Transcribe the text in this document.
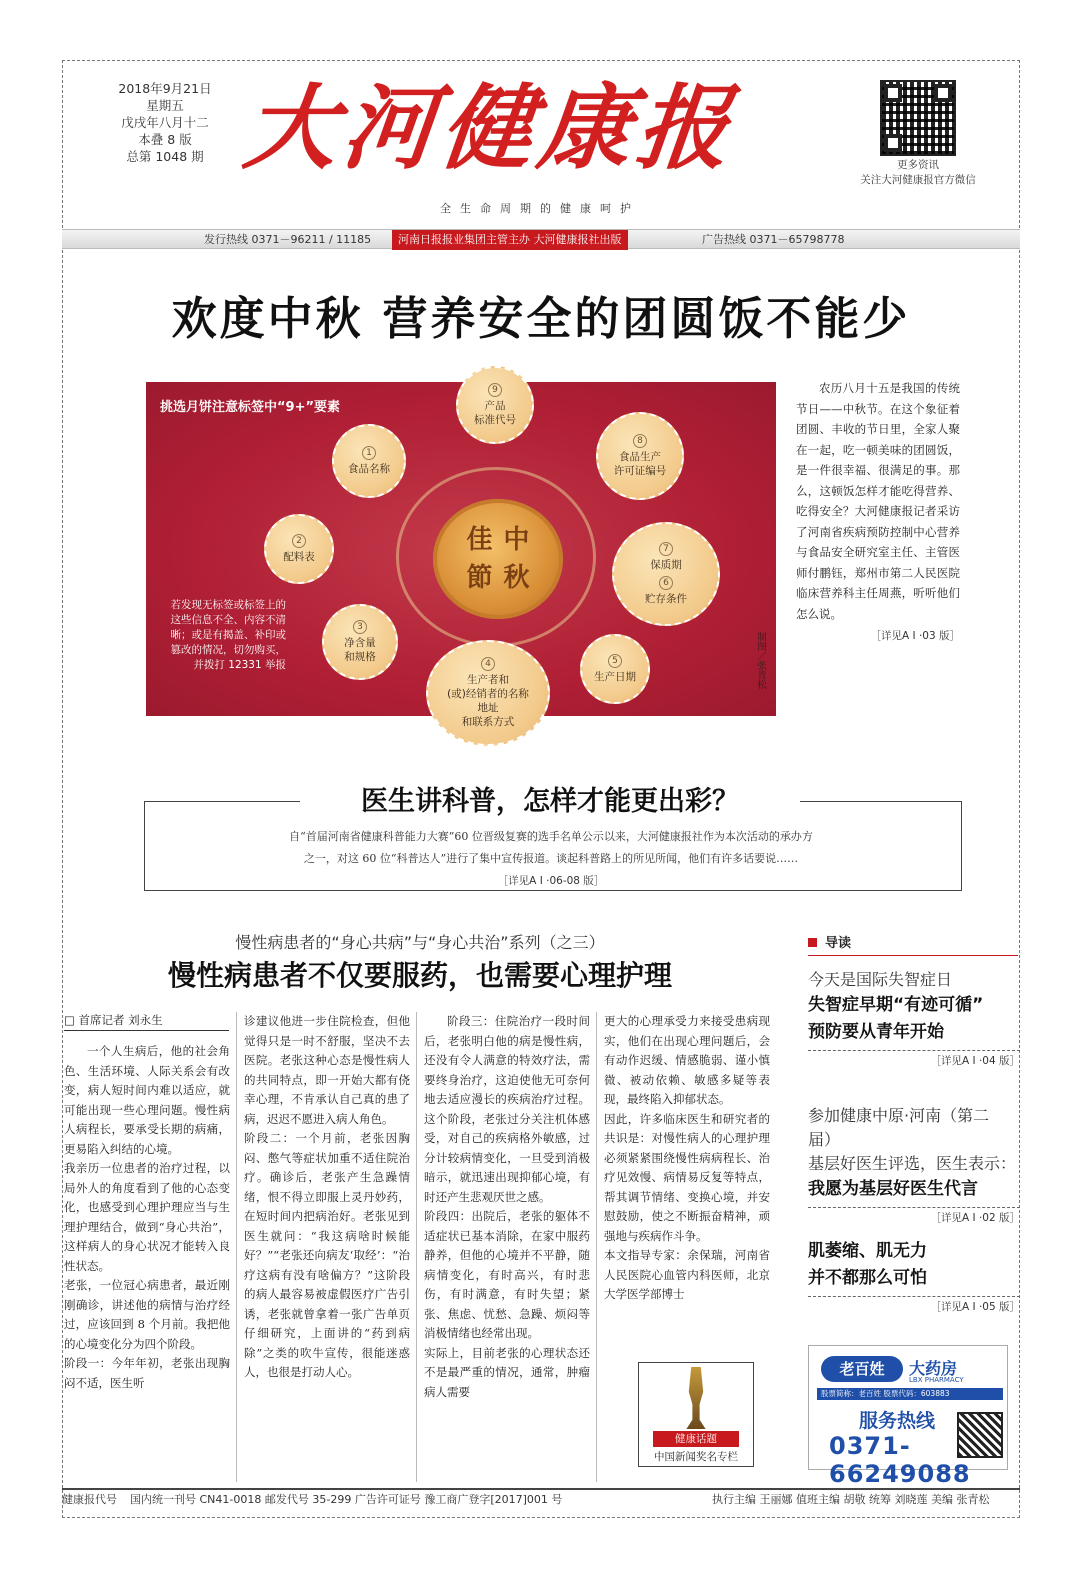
2018年9月21日
星期五
戊戌年八月十二
本叠 8 版
总第 1048 期 大河健康报
全生命周期的健康呵护
更多资讯
关注大河健康报官方微信
发行热线 0371－96211 / 11185	河南日报报业集团主管主办 大河健康报社出版	广告热线 0371－65798778
欢度中秋 营养安全的团圆饭不能少
挑选月饼注意标签中“9+”要素
佳 中
節 秋
1
食品名称
2
配料表
3
净含量
和规格
4
生产者和
(或)经销者的名称
地址
和联系方式
5
生产日期
7
保质期
6
贮存条件
8
食品生产
许可证编号
9
产品
标准代号
若发现无标签或标签上的这些信息不全、内容不清晰；或是有揭盖、补印或篡改的情况，切勿购买，并拨打 12331 举报	制图／张青松

农历八月十五是我国的传统节日——中秋节。在这个象征着团圆、丰收的节日里，全家人聚在一起，吃一顿美味的团圆饭，是一件很幸福、很满足的事。那么，这顿饭怎样才能吃得营养、吃得安全？大河健康报记者采访了河南省疾病预防控制中心营养与食品安全研究室主任、主管医师付鹏钰，郑州市第二人民医院临床营养科主任周燕，听听他们怎么说。

［详见A I ·03 版］

医生讲科普，怎样才能更出彩？
自“首届河南省健康科普能力大赛”60 位晋级复赛的选手名单公示以来，大河健康报社作为本次活动的承办方
之一，对这 60 位“科普达人”进行了集中宣传报道。谈起科普路上的所见所闻，他们有许多话要说……
［详见A I ·06-08 版］
慢性病患者的“身心共病”与“身心共治”系列（之三）
慢性病患者不仅要服药，也需要心理护理
□ 首席记者 刘永生

一个人生病后，他的社会角色、生活环境、人际关系会有改变，病人短时间内难以适应，就可能出现一些心理问题。慢性病人病程长，要承受长期的病痛，更易陷入纠结的心境。
我亲历一位患者的治疗过程，以局外人的角度看到了他的心态变化，也感受到心理护理应当与生理护理结合，做到“身心共治”，这样病人的身心状况才能转入良性状态。
老张，一位冠心病患者，最近刚刚确诊，讲述他的病情与治疗经过，应该回到 8 个月前。我把他的心境变化分为四个阶段。
阶段一：今年年初，老张出现胸闷不适，医生听

诊建议他进一步住院检查，但他觉得只是一时不舒服，坚决不去医院。老张这种心态是慢性病人的共同特点，即一开始大都有侥幸心理，不肯承认自己真的患了病，迟迟不愿进入病人角色。
阶段二：一个月前，老张因胸闷、憋气等症状加重不适住院治疗。确诊后，老张产生急躁情绪，恨不得立即服上灵丹妙药，在短时间内把病治好。老张见到医生就问：“我这病啥时候能好？”“老张还向病友‘取经’：“治疗这病有没有啥偏方？”这阶段的病人最容易被虚假医疗广告引诱，老张就曾拿着一张广告单页仔细研究，上面讲的“药到病除”之类的吹牛宣传，很能迷惑人，也很是打动人心。

阶段三：住院治疗一段时间后，老张明白他的病是慢性病，还没有令人满意的特效疗法，需要终身治疗，这迫使他无可奈何地去适应漫长的疾病治疗过程。这个阶段，老张过分关注机体感受，对自己的疾病格外敏感，过分计较病情变化，一旦受到消极暗示，就迅速出现抑郁心境，有时还产生悲观厌世之感。
阶段四：出院后，老张的躯体不适症状已基本消除，在家中服药静养，但他的心境并不平静，随病情变化，有时高兴，有时悲伤，有时满意，有时失望；紧张、焦虑、忧愁、急躁、烦闷等消极情绪也经常出现。
实际上，目前老张的心理状态还不是最严重的情况，通常，肿瘤病人需要

更大的心理承受力来接受患病现实，他们在出现心理问题后，会有动作迟缓、情感脆弱、谨小慎微、被动依赖、敏感多疑等表现，最终陷入抑郁状态。
因此，许多临床医生和研究者的共识是：对慢性病人的心理护理必须紧紧围绕慢性病病程长、治疗见效慢、病情易反复等特点，帮其调节情绪、变换心境，并安慰鼓励，使之不断振奋精神，顽强地与疾病作斗争。
本文指导专家：余保瑞，河南省人民医院心血管内科医师，北京大学医学部博士

健康话题
中国新闻奖名专栏
导读
今天是国际失智症日
失智症早期“有迹可循”
预防要从青年开始
［详见A I ·04 版］
参加健康中原·河南（第二届）
基层好医生评选，医生表示：
我愿为基层好医生代言
［详见A I ·02 版］
肌萎缩、肌无力
并不都那么可怕
［详见A I ·05 版］
老百姓	大药房
LBX PHARMACY
股票简称：老百姓 股票代码：603883
服务热线
0371-66249088
健康报代号 国内统一刊号 CN41-0018 邮发代号 35-299 广告许可证号 豫工商广登字[2017]001 号	执行主编 王丽娜 值班主编 胡敬 统筹 刘晓莲 美编 张青松
